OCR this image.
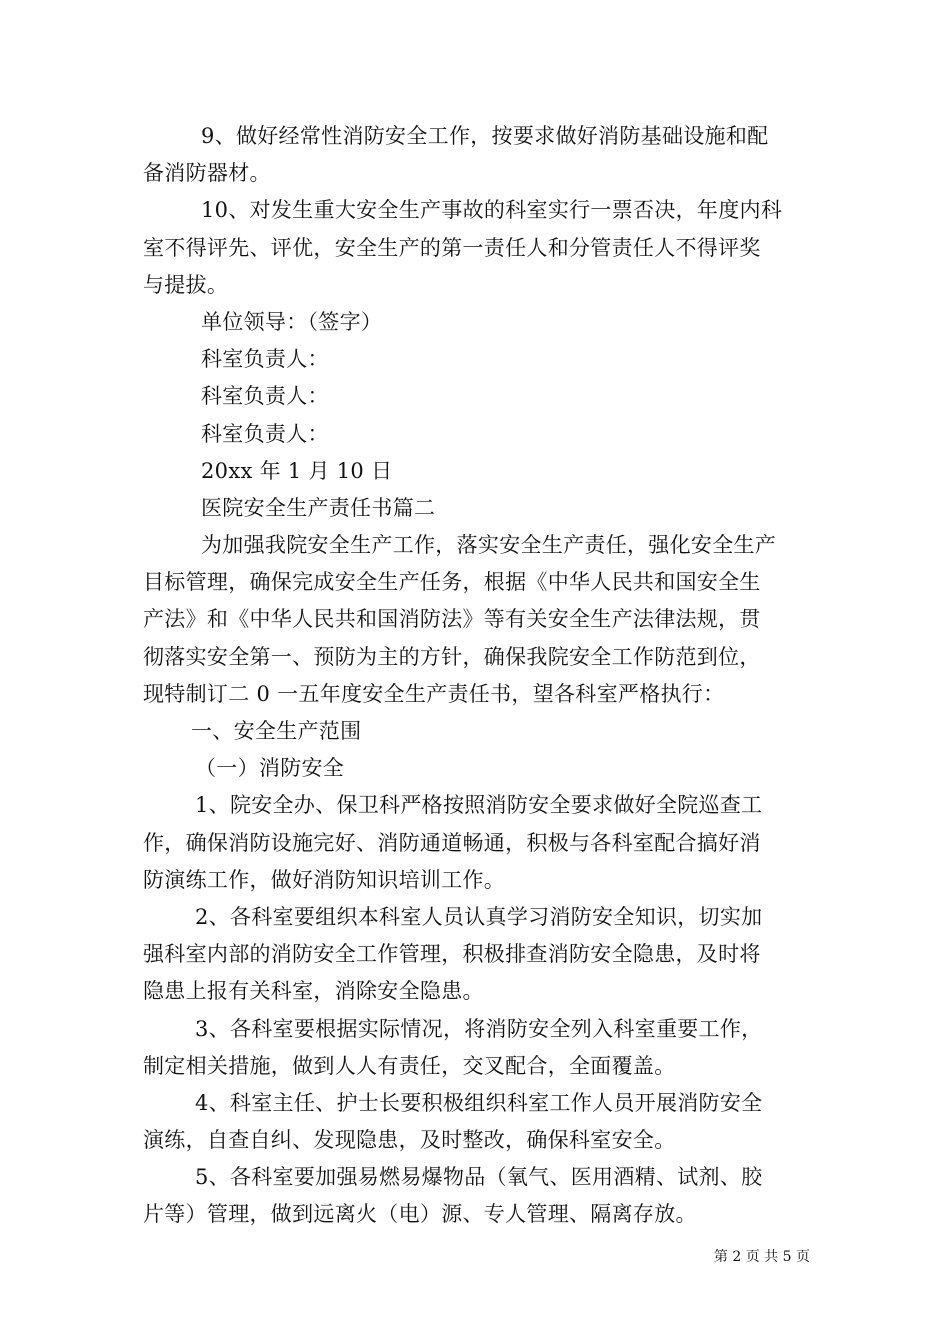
9、做好经常性消防安全工作，按要求做好消防基础设施和配
备消防器材。
10、对发生重大安全生产事故的科室实行一票否决，年度内科
室不得评先、评优，安全生产的第一责任人和分管责任人不得评奖
与提拔。
单位领导：（签字）
科室负责人：
科室负责人：
科室负责人：
20xx 年 1 月 10 日
医院安全生产责任书篇二
为加强我院安全生产工作，落实安全生产责任，强化安全生产
目标管理，确保完成安全生产任务，根据《中华人民共和国安全生
产法》和《中华人民共和国消防法》等有关安全生产法律法规，贯
彻落实安全第一、预防为主的方针，确保我院安全工作防范到位，
现特制订二 0 一五年度安全生产责任书，望各科室严格执行：
一、安全生产范围
（一）消防安全
1、院安全办、保卫科严格按照消防安全要求做好全院巡查工
作，确保消防设施完好、消防通道畅通，积极与各科室配合搞好消
防演练工作，做好消防知识培训工作。
2、各科室要组织本科室人员认真学习消防安全知识，切实加
强科室内部的消防安全工作管理，积极排查消防安全隐患，及时将
隐患上报有关科室，消除安全隐患。
3、各科室要根据实际情况，将消防安全列入科室重要工作，
制定相关措施，做到人人有责任，交叉配合，全面覆盖。
4、科室主任、护士长要积极组织科室工作人员开展消防安全
演练，自查自纠、发现隐患，及时整改，确保科室安全。
5、各科室要加强易燃易爆物品（氧气、医用酒精、试剂、胶
片等）管理，做到远离火（电）源、专人管理、隔离存放。
第 2 页 共 5 页
